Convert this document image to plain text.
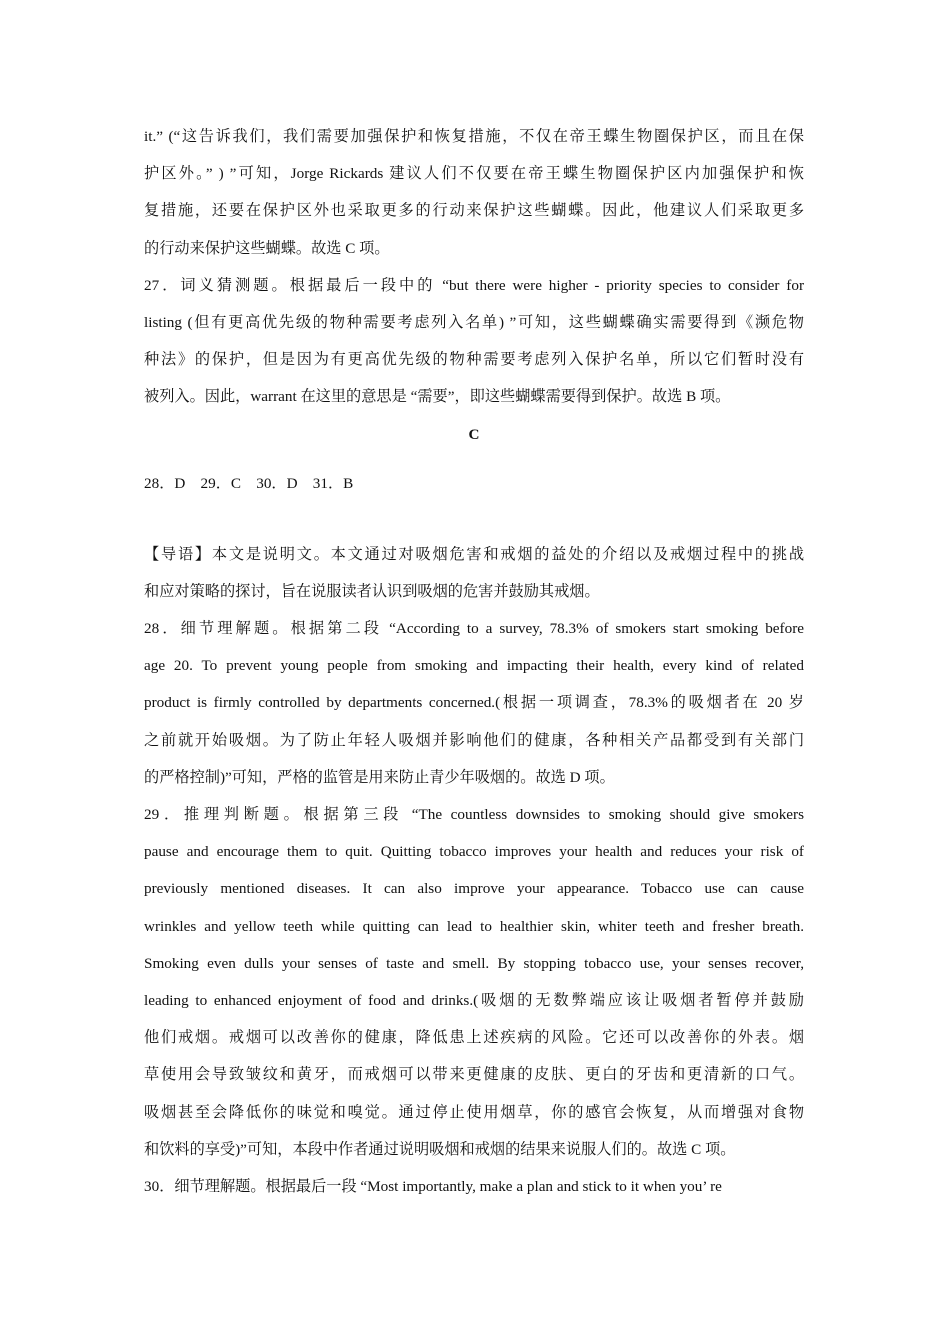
it.” (“这告诉我们，我们需要加强保护和恢复措施，不仅在帝王蝶生物圈保护区，而且在保
护区外。” ) ”可知，Jorge Rickards 建议人们不仅要在帝王蝶生物圈保护区内加强保护和恢
复措施，还要在保护区外也采取更多的行动来保护这些蝴蝶。因此，他建议人们采取更多
的行动来保护这些蝴蝶。故选 C 项。
27．词义猜测题。根据最后一段中的 “but there were higher - priority species to consider for
listing (但有更高优先级的物种需要考虑列入名单) ”可知，这些蝴蝶确实需要得到《濒危物
种法》的保护，但是因为有更高优先级的物种需要考虑列入保护名单，所以它们暂时没有
被列入。因此，warrant 在这里的意思是 “需要”，即这些蝴蝶需要得到保护。故选 B 项。
C
28．D　29．C　30．D　31．B
【导语】本文是说明文。本文通过对吸烟危害和戒烟的益处的介绍以及戒烟过程中的挑战
和应对策略的探讨，旨在说服读者认识到吸烟的危害并鼓励其戒烟。
28．细节理解题。根据第二段 “According to a survey, 78.3% of smokers start smoking before
age 20. To prevent young people from smoking and impacting their health, every kind of related
product is firmly controlled by departments concerned.(根据一项调查，78.3%的吸烟者在 20 岁
之前就开始吸烟。为了防止年轻人吸烟并影响他们的健康，各种相关产品都受到有关部门
的严格控制)”可知，严格的监管是用来防止青少年吸烟的。故选 D 项。
29．推理判断题。根据第三段 “The countless downsides to smoking should give smokers
pause and encourage them to quit. Quitting tobacco improves your health and reduces your risk of
previously mentioned diseases. It can also improve your appearance. Tobacco use can cause
wrinkles and yellow teeth while quitting can lead to healthier skin, whiter teeth and fresher breath.
Smoking even dulls your senses of taste and smell. By stopping tobacco use, your senses recover,
leading to enhanced enjoyment of food and drinks.(吸烟的无数弊端应该让吸烟者暂停并鼓励
他们戒烟。戒烟可以改善你的健康，降低患上述疾病的风险。它还可以改善你的外表。烟
草使用会导致皱纹和黄牙，而戒烟可以带来更健康的皮肤、更白的牙齿和更清新的口气。
吸烟甚至会降低你的味觉和嗅觉。通过停止使用烟草，你的感官会恢复，从而增强对食物
和饮料的享受)”可知，本段中作者通过说明吸烟和戒烟的结果来说服人们的。故选 C 项。
30．细节理解题。根据最后一段 “Most importantly, make a plan and stick to it when you’ re
